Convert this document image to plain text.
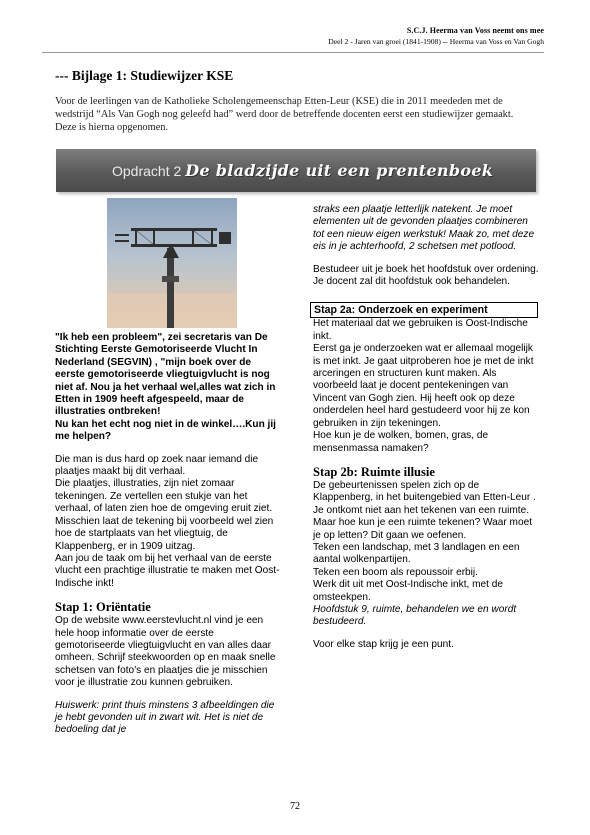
S.C.J. Heerma van Voss neemt ons mee
Deel 2 - Jaren van groei (1841-1908) -- Heerma van Voss en Van Gogh
--- Bijlage 1: Studiewijzer KSE
Voor de leerlingen van de Katholieke Scholengemeenschap Etten-Leur (KSE) die in 2011 meededen met de wedstrijd “Als Van Gogh nog geleefd had” werd door de betreffende docenten eerst een studiewijzer gemaakt. Deze is hierna opgenomen.
Opdracht 2 De bladzijde uit een prentenboek

"Ik heb een probleem", zei secretaris van De Stichting Eerste Gemotoriseerde Vlucht In Nederland (SEGVIN) , "mijn boek over de eerste gemotoriseerde vliegtuigvlucht is nog niet af. Nou ja het verhaal wel,alles wat zich in Etten in 1909 heeft afgespeeld, maar de illustraties ontbreken!
Nu kan het echt nog niet in de winkel….Kun jij me helpen?

Die man is dus hard op zoek naar iemand die plaatjes maakt bij dit verhaal.
Die plaatjes, illustraties, zijn niet zomaar tekeningen. Ze vertellen een stukje van het verhaal, of laten zien hoe de omgeving eruit ziet. Misschien laat de tekening bij voorbeeld wel zien hoe de startplaats van het vliegtuig, de Klappenberg, er in 1909 uitzag.
Aan jou de taak om bij het verhaal van de eerste vlucht een prachtige illustratie te maken met Oost-Indische inkt!

Stap 1: Oriëntatie

Op de website www.eerstevlucht.nl vind je een hele hoop informatie over de eerste gemotoriseerde vliegtuigvlucht en van alles daar omheen. Schrijf steekwoorden op en maak snelle schetsen van foto’s en plaatjes die je misschien voor je illustratie zou kunnen gebruiken.

Huiswerk: print thuis minstens 3 afbeeldingen die je hebt gevonden uit in zwart wit. Het is niet de bedoeling dat je

straks een plaatje letterlijk natekent. Je moet elementen uit de gevonden plaatjes combineren tot een nieuw eigen werkstuk! Maak zo, met deze eis in je achterhoofd, 2 schetsen met potlood.

Bestudeer uit je boek het hoofdstuk over ordening. Je docent zal dit hoofdstuk ook behandelen.

Stap 2a: Onderzoek en experiment

Het materiaal dat we gebruiken is Oost-Indische inkt.
Eerst ga je onderzoeken wat er allemaal mogelijk is met inkt. Je gaat uitproberen hoe je met de inkt arceringen en structuren kunt maken. Als voorbeeld laat je docent pentekeningen van Vincent van Gogh zien. Hij heeft ook op deze onderdelen heel hard gestudeerd voor hij ze kon gebruiken in zijn tekeningen.
Hoe kun je de wolken, bomen, gras, de mensenmassa namaken?

Stap 2b: Ruimte illusie

De gebeurtenissen spelen zich op de Klappenberg, in het buitengebied van Etten-Leur .
Je ontkomt niet aan het tekenen van een ruimte. Maar hoe kun je een ruimte tekenen? Waar moet je op letten? Dit gaan we oefenen.
Teken een landschap, met 3 landlagen en een aantal wolkenpartijen.
Teken een boom als repoussoir erbij.
Werk dit uit met Oost-Indische inkt, met de omsteekpen.

Hoofdstuk 9, ruimte, behandelen we en wordt bestudeerd.

Voor elke stap krijg je een punt.

72
